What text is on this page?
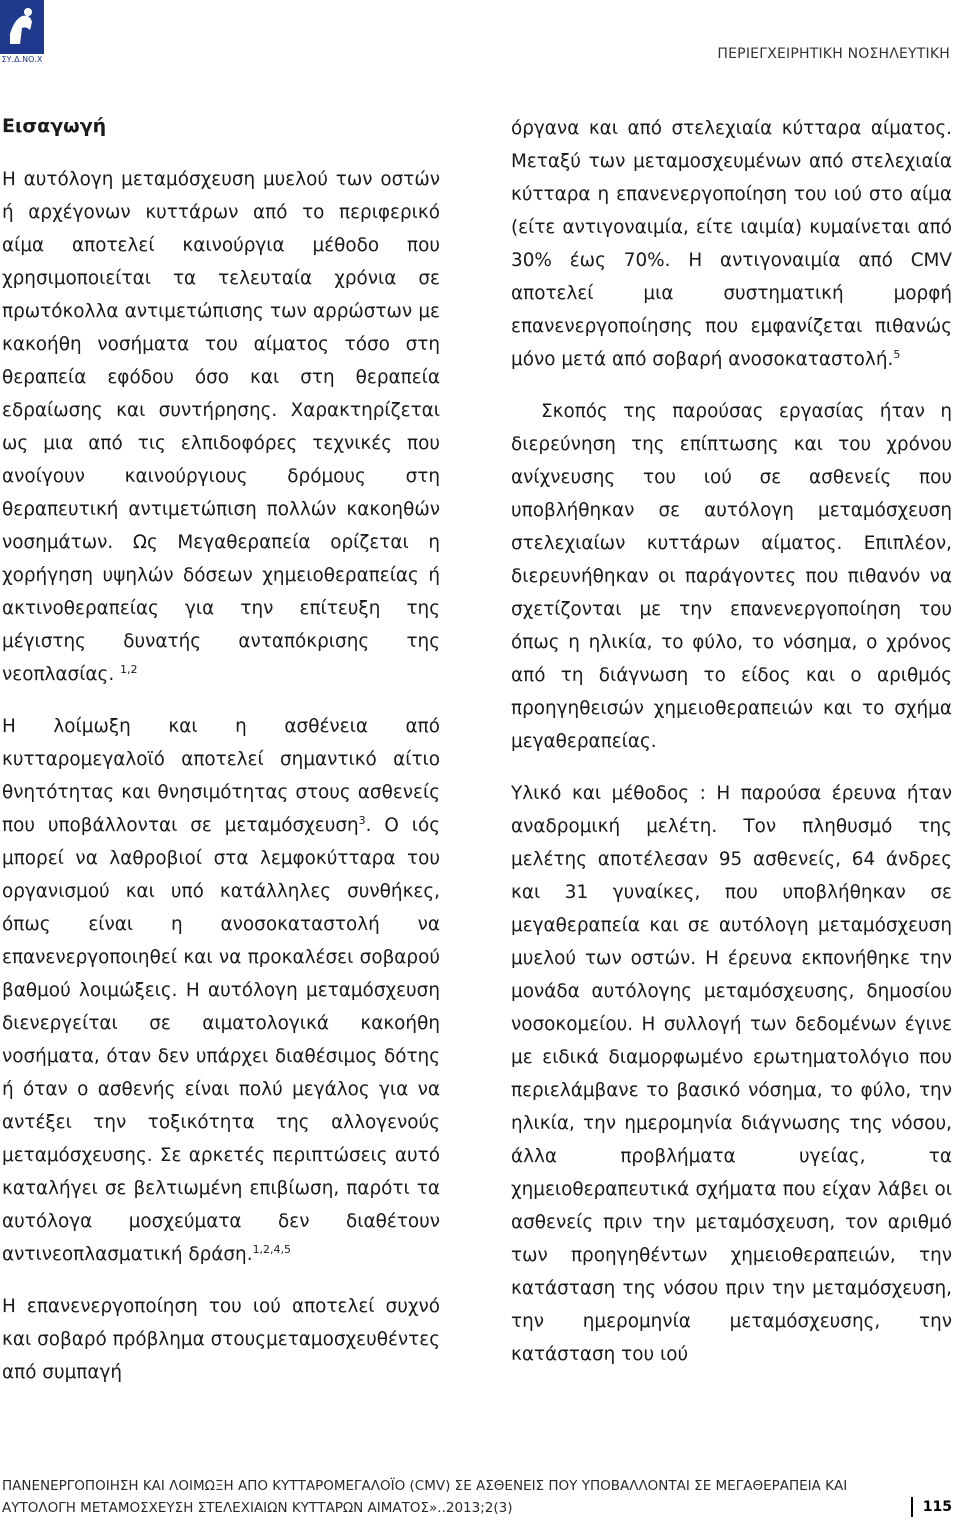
ΣΥ.Δ.ΝΟ.Χ	ΠΕΡΙΕΓΧΕΙΡΗΤΙΚΗ ΝΟΣΗΛΕΥΤΙΚΗ
Εισαγωγή

Η αυτόλογη μεταμόσχευση μυελού των οστών ή αρχέγονων κυττάρων από το περιφερικό αίμα αποτελεί καινούργια μέθοδο που χρησιμοποιείται τα τελευταία χρόνια σε πρωτόκολλα αντιμετώπισης των αρρώστων με κακοήθη νοσήματα του αίματος τόσο στη θεραπεία εφόδου όσο και στη θεραπεία εδραίωσης και συντήρησης. Χαρακτηρίζεται ως μια από τις ελπιδοφόρες τεχνικές που ανοίγουν καινούργιους δρόμους στη θεραπευτική αντιμετώπιση πολλών κακοηθών νοσημάτων. Ως Μεγαθεραπεία ορίζεται η χορήγηση υψηλών δόσεων χημειοθεραπείας ή ακτινοθεραπείας για την επίτευξη της μέγιστης δυνατής ανταπόκρισης της νεοπλασίας. $^{1,2}$

Η λοίμωξη και η ασθένεια από κυτταρομεγαλοϊό αποτελεί σημαντικό αίτιο θνητότητας και θνησιμότητας στους ασθενείς που υποβάλλονται σε μεταμόσχευση$^3$. Ο ιός μπορεί να λαθροβιοί στα λεμφοκύτταρα του οργανισμού και υπό κατάλληλες συνθήκες, όπως είναι η ανοσοκαταστολή να επανενεργοποιηθεί και να προκαλέσει σοβαρού βαθμού λοιμώξεις. Η αυτόλογη μεταμόσχευση διενεργείται σε αιματολογικά κακοήθη νοσήματα, όταν δεν υπάρχει διαθέσιμος δότης ή όταν ο ασθενής είναι πολύ μεγάλος για να αντέξει την τοξικότητα της αλλογενούς μεταμόσχευσης. Σε αρκετές περιπτώσεις αυτό καταλήγει σε βελτιωμένη επιβίωση, παρότι τα αυτόλογα μοσχεύματα δεν διαθέτουν αντινεοπλασματική δράση.$^{1,2,4,5}$

Η επανενεργοποίηση του ιού αποτελεί συχνό και σοβαρό πρόβλημα στουςμεταμοσχευθέντες από συμπαγή

όργανα και από στελεχιαία κύτταρα αίματος. Μεταξύ των μεταμοσχευμένων από στελεχιαία κύτταρα η επανενεργοποίηση του ιού στο αίμα (είτε αντιγοναιμία, είτε ιαιμία) κυμαίνεται από 30% έως 70%. Η αντιγοναιμία από CMV αποτελεί μια συστηματική μορφή επανενεργοποίησης που εμφανίζεται πιθανώς μόνο μετά από σοβαρή ανοσοκαταστολή.$^5$

Σκοπός της παρούσας εργασίας ήταν η διερεύνηση της επίπτωσης και του χρόνου ανίχνευσης του ιού σε ασθενείς που υποβλήθηκαν σε αυτόλογη μεταμόσχευση στελεχιαίων κυττάρων αίματος. Επιπλέον, διερευνήθηκαν οι παράγοντες που πιθανόν να σχετίζονται με την επανενεργοποίηση του όπως η ηλικία, το φύλο, το νόσημα, ο χρόνος από τη διάγνωση το είδος και ο αριθμός προηγηθεισών χημειοθεραπειών και το σχήμα μεγαθεραπείας.

Υλικό και μέθοδος : Η παρούσα έρευνα ήταν αναδρομική μελέτη. Τον πληθυσμό της μελέτης αποτέλεσαν 95 ασθενείς, 64 άνδρες και 31 γυναίκες, που υποβλήθηκαν σε μεγαθεραπεία και σε αυτόλογη μεταμόσχευση μυελού των οστών. Η έρευνα εκπονήθηκε την μονάδα αυτόλογης μεταμόσχευσης, δημοσίου νοσοκομείου. Η συλλογή των δεδομένων έγινε με ειδικά διαμορφωμένο ερωτηματολόγιο που περιελάμβανε το βασικό νόσημα, το φύλο, την ηλικία, την ημερομηνία διάγνωσης της νόσου, άλλα προβλήματα υγείας, τα χημειοθεραπευτικά σχήματα που είχαν λάβει οι ασθενείς πριν την μεταμόσχευση, τον αριθμό των προηγηθέντων χημειοθεραπειών, την κατάσταση της νόσου πριν την μεταμόσχευση, την ημερομηνία μεταμόσχευσης, την κατάσταση του ιού

ΠΑΝΕΝΕΡΓΟΠΟΙΗΣΗ ΚΑΙ ΛΟΙΜΩΞΗ ΑΠΟ ΚΥΤΤΑΡΟΜΕΓΑΛΟΪΟ (CMV) ΣΕ ΑΣΘΕΝΕΙΣ ΠΟΥ ΥΠΟΒΑΛΛΟΝΤΑΙ ΣΕ ΜΕΓΑΘΕΡΑΠΕΙΑ ΚΑΙ
ΑΥΤΟΛΟΓΗ ΜΕΤΑΜΟΣΧΕΥΣΗ ΣΤΕΛΕΧΙΑΙΩΝ ΚΥΤΤΑΡΩΝ ΑΙΜΑΤΟΣ»..2013;2(3)	115
